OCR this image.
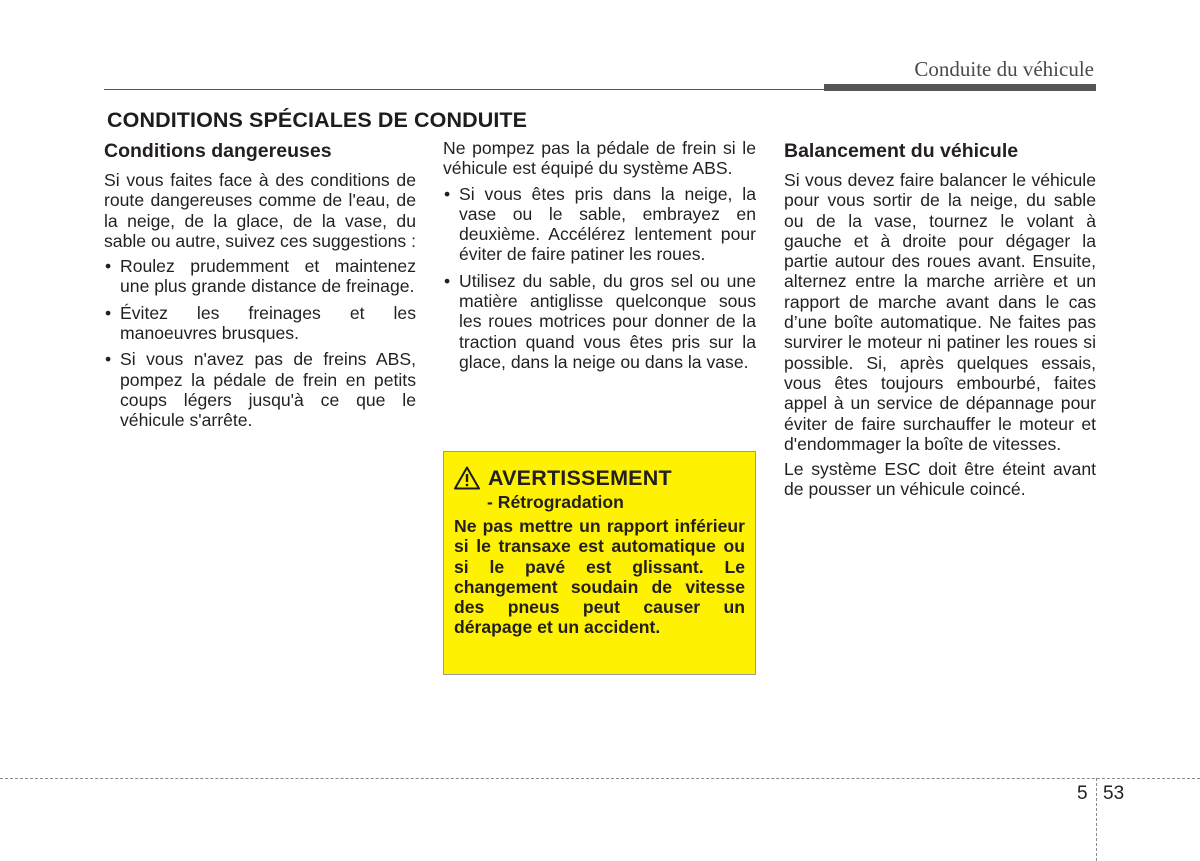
Conduite du véhicule
CONDITIONS SPÉCIALES DE CONDUITE
Conditions dangereuses

Si vous faites face à des conditions de route dangereuses comme de l'eau, de la neige, de la glace, de la vase, du sable ou autre, suivez ces suggestions :

• Roulez prudemment et maintenez une plus grande distance de freinage.
• Évitez les freinages et les manoeuvres brusques.
• Si vous n'avez pas de freins ABS, pompez la pédale de frein en petits coups légers jusqu'à ce que le véhicule s'arrête.

Ne pompez pas la pédale de frein si le véhicule est équipé du système ABS.

• Si vous êtes pris dans la neige, la vase ou le sable, embrayez en deuxième. Accélérez lentement pour éviter de faire patiner les roues.
• Utilisez du sable, du gros sel ou une matière antiglisse quelconque sous les roues motrices pour donner de la traction quand vous êtes pris sur la glace, dans la neige ou dans la vase.
AVERTISSEMENT
- Rétrogradation
Ne pas mettre un rapport inférieur si le transaxe est automatique ou si le pavé est glissant. Le changement soudain de vitesse des pneus peut causer un dérapage et un accident.
Balancement du véhicule

Si vous devez faire balancer le véhicule pour vous sortir de la neige, du sable ou de la vase, tournez le volant à gauche et à droite pour dégager la partie autour des roues avant. Ensuite, alternez entre la marche arrière et un rapport de marche avant dans le cas d’une boîte automatique. Ne faites pas survirer le moteur ni patiner les roues si possible. Si, après quelques essais, vous êtes toujours embourbé, faites appel à un service de dépannage pour éviter de faire surchauffer le moteur et d'endommager la boîte de vitesses.

Le système ESC doit être éteint avant de pousser un véhicule coincé.

5 53
